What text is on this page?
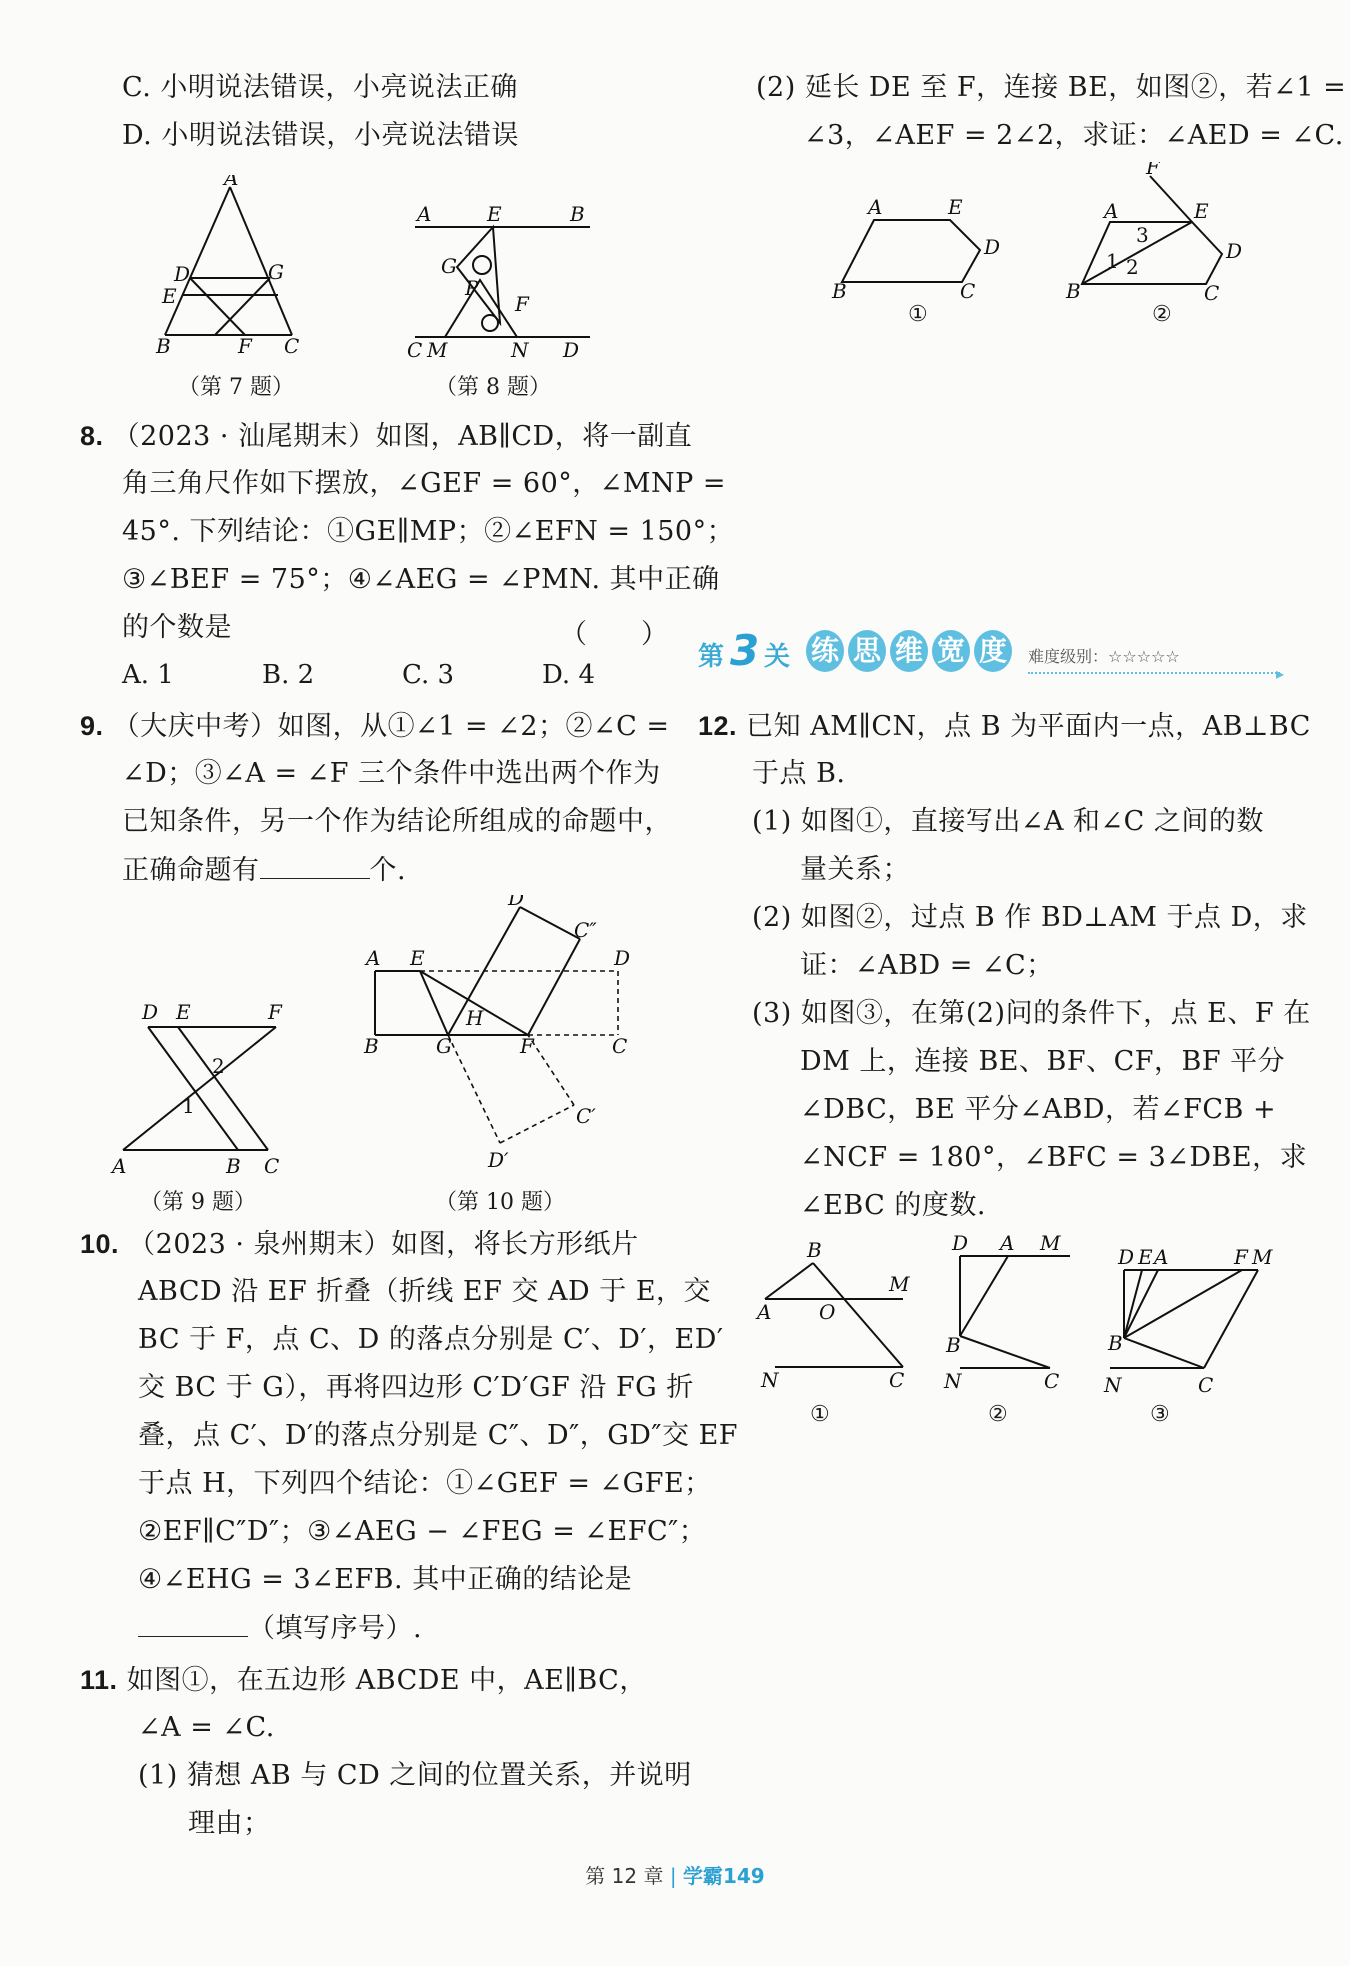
C. 小明说法错误，小亮说法正确
D. 小明说法错误，小亮说法错误
A
D	G
E
B	F C
（第 7 题）
A	E	B
G
P
F
C M	N D
（第 8 题）
8. （2023 · 汕尾期末）如图，AB∥CD，将一副直
角三角尺作如下摆放，∠GEF = 60°，∠MNP =
45°. 下列结论：①GE∥MP；②∠EFN = 150°；
③∠BEF = 75°；④∠AEG = ∠PMN. 其中正确
的个数是	（　　）
A. 1	B. 2	C. 3	D. 4
9. （大庆中考）如图，从①∠1 = ∠2；②∠C =
∠D；③∠A = ∠F 三个条件中选出两个作为
已知条件，另一个作为结论所组成的命题中，
正确命题有	个.
D E	F
2
1
A	B C
（第 9 题）
D″
A E
C″
D
H
B	G	F	C
C′
D′
（第 10 题）
10. （2023 · 泉州期末）如图，将长方形纸片
ABCD 沿 EF 折叠（折线 EF 交 AD 于 E，交
BC 于 F，点 C、D 的落点分别是 C′、D′，ED′
交 BC 于 G），再将四边形 C′D′GF 沿 FG 折
叠，点 C′、D′的落点分别是 C″、D″，GD″交 EF
于点 H，下列四个结论：①∠GEF = ∠GFE；
②EF∥C″D″；③∠AEG − ∠FEG = ∠EFC″；
④∠EHG = 3∠EFB. 其中正确的结论是
（填写序号）.
11. 如图①，在五边形 ABCDE 中，AE∥BC，
∠A = ∠C.
(1) 猜想 AB 与 CD 之间的位置关系，并说明
理由；
(2) 延长 DE 至 F，连接 BE，如图②，若∠1 =
∠3，∠AEF = 2∠2，求证：∠AED = ∠C.
A	E
D
B	C
①
F
A	E
3
1 2
D
B	C
②
第 3 关 练 思 维 宽 度	难度级别：☆☆☆☆☆
▸
12. 已知 AM∥CN，点 B 为平面内一点，AB⊥BC
于点 B.
(1) 如图①，直接写出∠A 和∠C 之间的数
量关系；
(2) 如图②，过点 B 作 BD⊥AM 于点 D，求
证：∠ABD = ∠C；
(3) 如图③，在第(2)问的条件下，点 E、F 在
DM 上，连接 BE、BF、CF，BF 平分
∠DBC，BE 平分∠ABD，若∠FCB +
∠NCF = 180°，∠BFC = 3∠DBE，求
∠EBC 的度数.
B
A O
M
N	C
①
D A M
B
N	C
②
D E A	F M
B
N	C
③
第 12 章 | 学霸149
